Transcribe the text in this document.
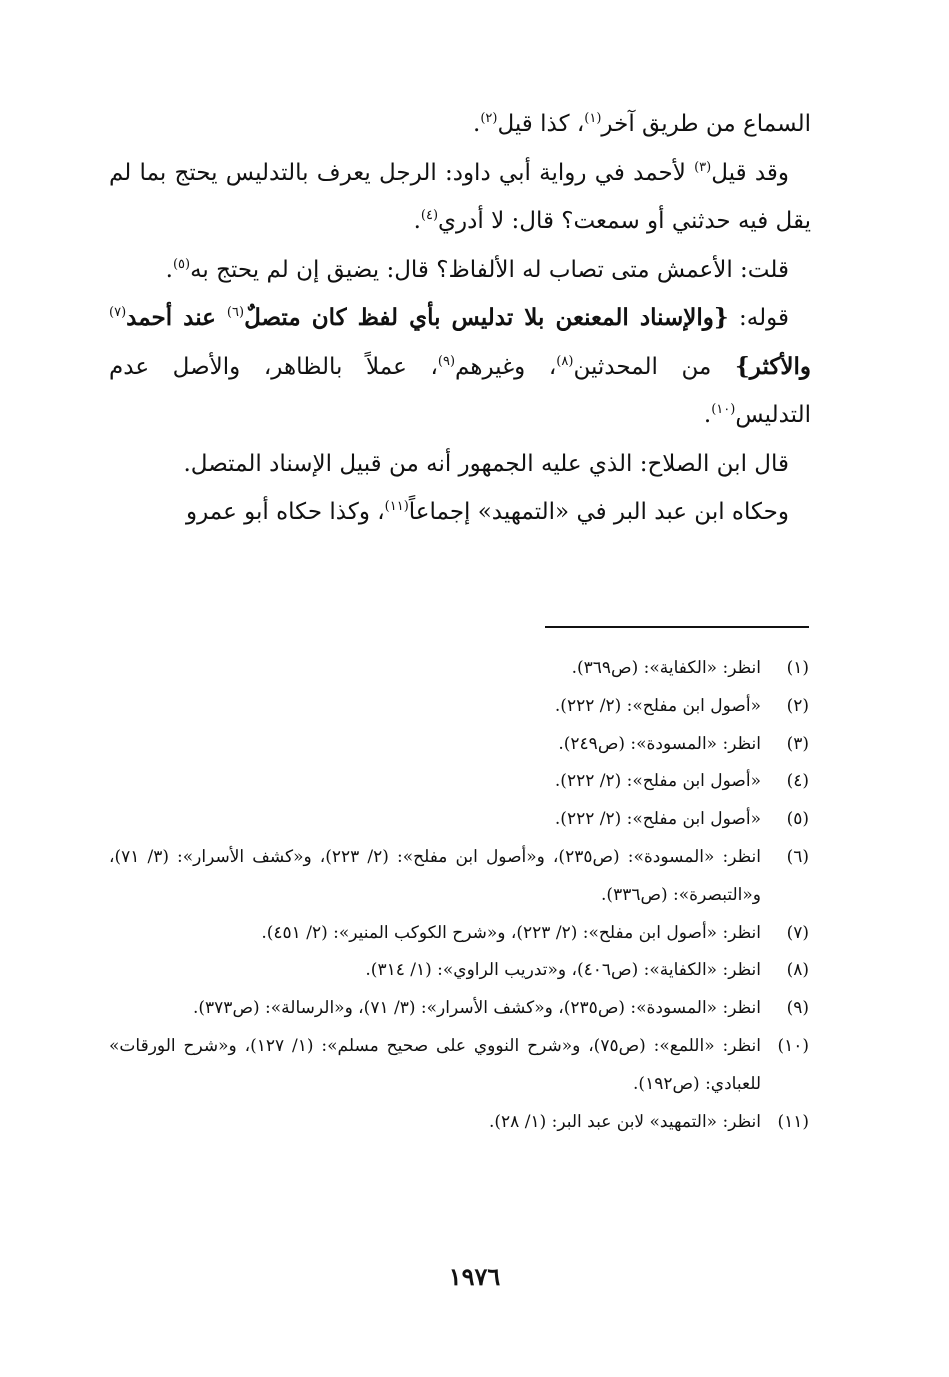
السماع من طريق آخر$^{(١)}$، كذا قيل$^{(٢)}$.

وقد قيل$^{(٣)}$ لأحمد في رواية أبي داود: الرجل يعرف بالتدليس يحتج بما لم يقل فيه حدثني أو سمعت؟ قال: لا أدري$^{(٤)}$.

قلت: الأعمش متى تصاب له الألفاظ؟ قال: يضيق إن لم يحتج به$^{(٥)}$.

قوله: {والإسناد المعنعن بلا تدليس بأي لفظ كان متصلٌ$^{(٦)}$ عند أحمد$^{(٧)}$ والأكثر} من المحدثين$^{(٨)}$، وغيرهم$^{(٩)}$، عملاً بالظاهر، والأصل عدم التدليس$^{(١٠)}$.

قال ابن الصلاح: الذي عليه الجمهور أنه من قبيل الإسناد المتصل.

وحكاه ابن عبد البر في «التمهيد» إجماعاً$^{(١١)}$، وكذا حكاه أبو عمرو

(١)
انظر: «الكفاية»: (ص٣٦٩).
(٢)
«أصول ابن مفلح»: (٢/ ٢٢٢).
(٣)
انظر: «المسودة»: (ص٢٤٩).
(٤)
«أصول ابن مفلح»: (٢/ ٢٢٢).
(٥)
«أصول ابن مفلح»: (٢/ ٢٢٢).
(٦)
انظر: «المسودة»: (ص٢٣٥)، و«أصول ابن مفلح»: (٢/ ٢٢٣)، و«كشف الأسرار»: (٣/ ٧١)، و«التبصرة»: (ص٣٣٦).
(٧)
انظر: «أصول ابن مفلح»: (٢/ ٢٢٣)، و«شرح الكوكب المنير»: (٢/ ٤٥١).
(٨)
انظر: «الكفاية»: (ص٤٠٦)، و«تدريب الراوي»: (١/ ٣١٤).
(٩)
انظر: «المسودة»: (ص٢٣٥)، و«كشف الأسرار»: (٣/ ٧١)، و«الرسالة»: (ص٣٧٣).
(١٠)
انظر: «اللمع»: (ص٧٥)، و«شرح النووي على صحيح مسلم»: (١/ ١٢٧)، و«شرح الورقات» للعبادي: (ص١٩٢).
(١١)
انظر: «التمهيد» لابن عبد البر: (١/ ٢٨).
١٩٧٦
